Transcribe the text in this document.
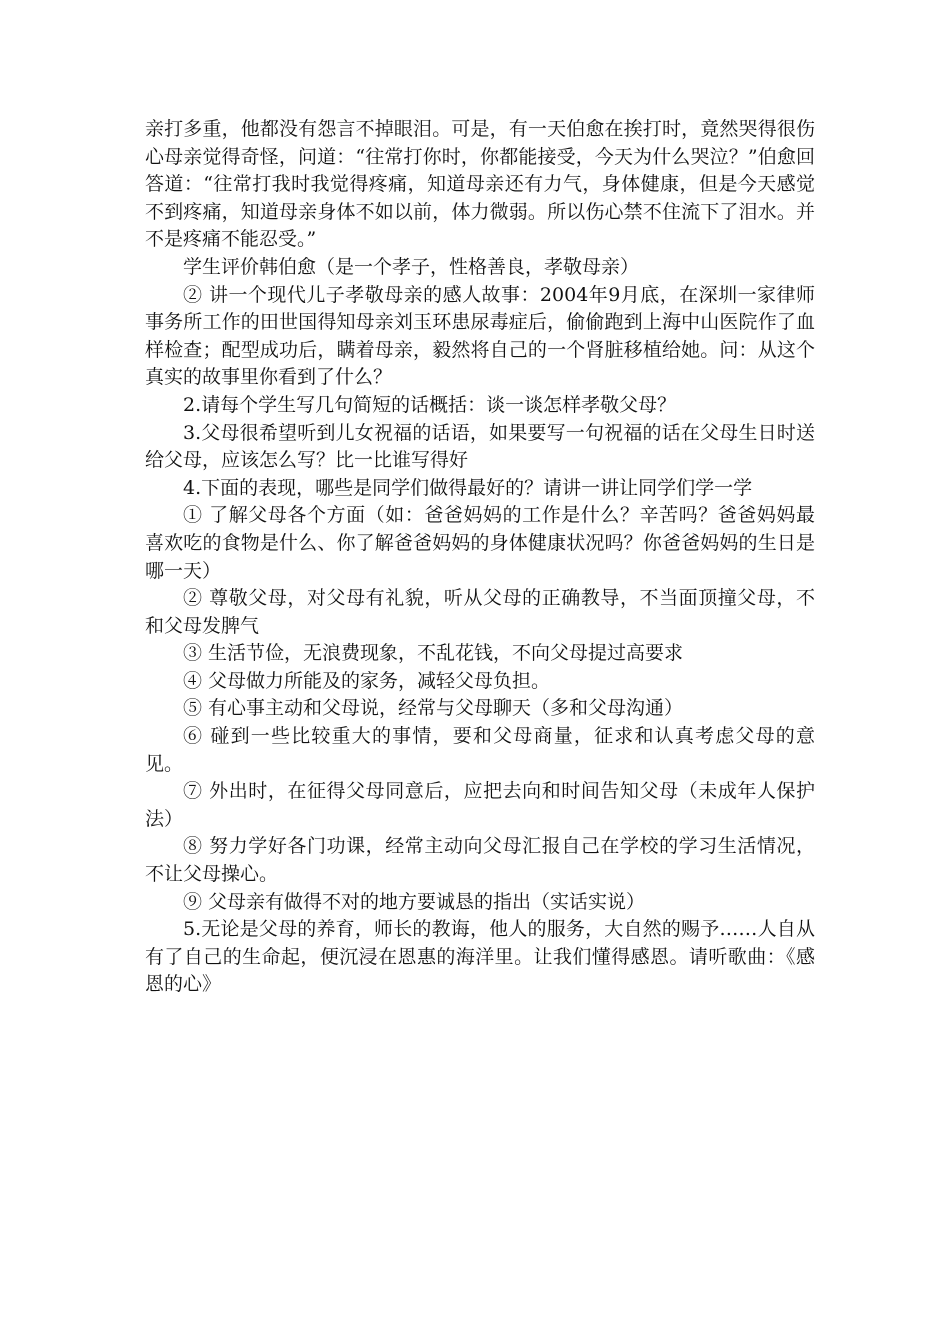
亲打多重，他都没有怨言不掉眼泪。可是，有一天伯愈在挨打时，竟然哭得很伤心母亲觉得奇怪，问道：“往常打你时，你都能接受，今天为什么哭泣？”伯愈回答道：“往常打我时我觉得疼痛，知道母亲还有力气，身体健康，但是今天感觉不到疼痛，知道母亲身体不如以前，体力微弱。所以伤心禁不住流下了泪水。并不是疼痛不能忍受。”

学生评价韩伯愈（是一个孝子，性格善良，孝敬母亲）

② 讲一个现代儿子孝敬母亲的感人故事：2004年9月底，在深圳一家律师事务所工作的田世国得知母亲刘玉环患尿毒症后，偷偷跑到上海中山医院作了血样检查；配型成功后，瞒着母亲，毅然将自己的一个肾脏移植给她。问：从这个真实的故事里你看到了什么？

2.请每个学生写几句简短的话概括：谈一谈怎样孝敬父母？

3.父母很希望听到儿女祝福的话语，如果要写一句祝福的话在父母生日时送给父母，应该怎么写？比一比谁写得好

4.下面的表现，哪些是同学们做得最好的？请讲一讲让同学们学一学

① 了解父母各个方面（如：爸爸妈妈的工作是什么？辛苦吗？爸爸妈妈最喜欢吃的食物是什么、你了解爸爸妈妈的身体健康状况吗？你爸爸妈妈的生日是哪一天）

② 尊敬父母，对父母有礼貌，听从父母的正确教导，不当面顶撞父母，不和父母发脾气

③ 生活节俭，无浪费现象，不乱花钱，不向父母提过高要求

④ 父母做力所能及的家务，减轻父母负担。

⑤ 有心事主动和父母说，经常与父母聊天（多和父母沟通）

⑥ 碰到一些比较重大的事情，要和父母商量，征求和认真考虑父母的意见。

⑦ 外出时，在征得父母同意后，应把去向和时间告知父母（未成年人保护法）

⑧ 努力学好各门功课，经常主动向父母汇报自己在学校的学习生活情况，不让父母操心。

⑨ 父母亲有做得不对的地方要诚恳的指出（实话实说）

5.无论是父母的养育，师长的教诲，他人的服务，大自然的赐予……人自从有了自己的生命起，便沉浸在恩惠的海洋里。让我们懂得感恩。请听歌曲：《感恩的心》
